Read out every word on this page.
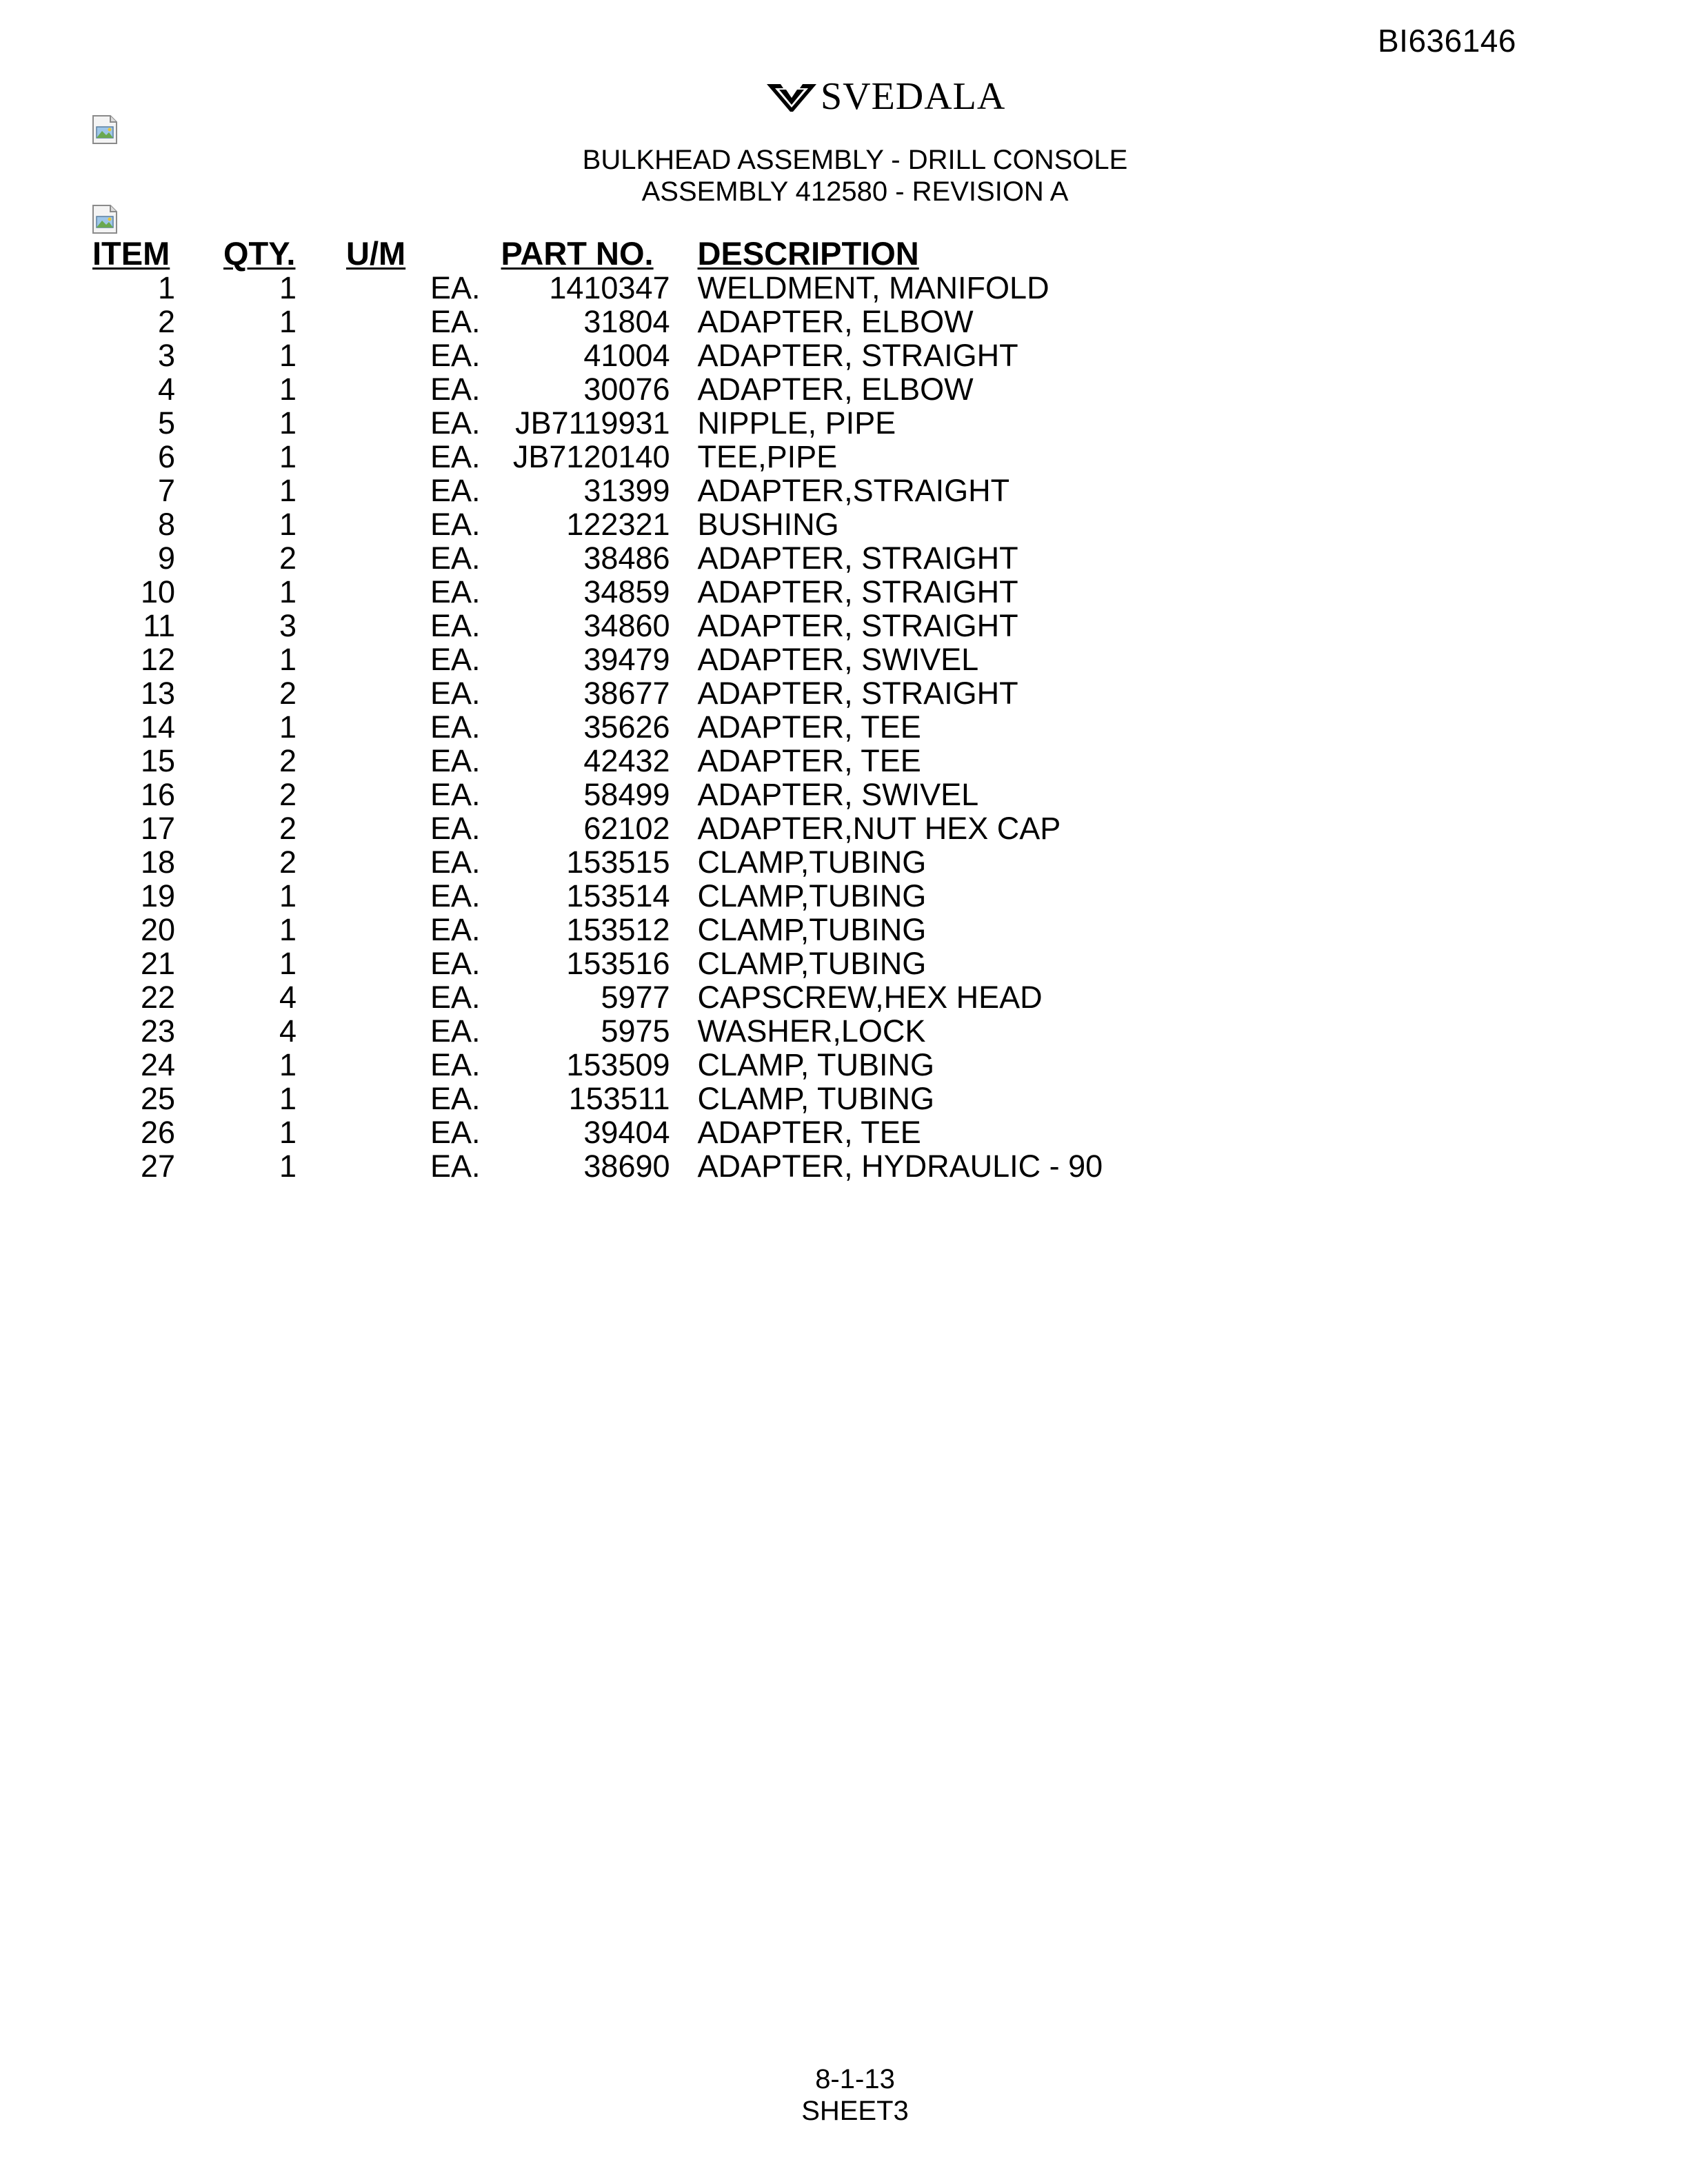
BI636146
SVEDALA
BULKHEAD ASSEMBLY - DRILL CONSOLE
ASSEMBLY 412580 - REVISION A
ITEM	QTY.	U/M	PART NO.	DESCRIPTION
1	1	EA.	1410347	WELDMENT, MANIFOLD
2	1	EA.	31804	ADAPTER, ELBOW
3	1	EA.	41004	ADAPTER, STRAIGHT
4	1	EA.	30076	ADAPTER, ELBOW
5	1	EA.	JB7119931	NIPPLE, PIPE
6	1	EA.	JB7120140	TEE,PIPE
7	1	EA.	31399	ADAPTER,STRAIGHT
8	1	EA.	122321	BUSHING
9	2	EA.	38486	ADAPTER, STRAIGHT
10	1	EA.	34859	ADAPTER, STRAIGHT
11	3	EA.	34860	ADAPTER, STRAIGHT
12	1	EA.	39479	ADAPTER, SWIVEL
13	2	EA.	38677	ADAPTER, STRAIGHT
14	1	EA.	35626	ADAPTER, TEE
15	2	EA.	42432	ADAPTER, TEE
16	2	EA.	58499	ADAPTER, SWIVEL
17	2	EA.	62102	ADAPTER,NUT HEX CAP
18	2	EA.	153515	CLAMP,TUBING
19	1	EA.	153514	CLAMP,TUBING
20	1	EA.	153512	CLAMP,TUBING
21	1	EA.	153516	CLAMP,TUBING
22	4	EA.	5977	CAPSCREW,HEX HEAD
23	4	EA.	5975	WASHER,LOCK
24	1	EA.	153509	CLAMP, TUBING
25	1	EA.	153511	CLAMP, TUBING
26	1	EA.	39404	ADAPTER, TEE
27	1	EA.	38690	ADAPTER, HYDRAULIC - 90
8-1-13
SHEET3
